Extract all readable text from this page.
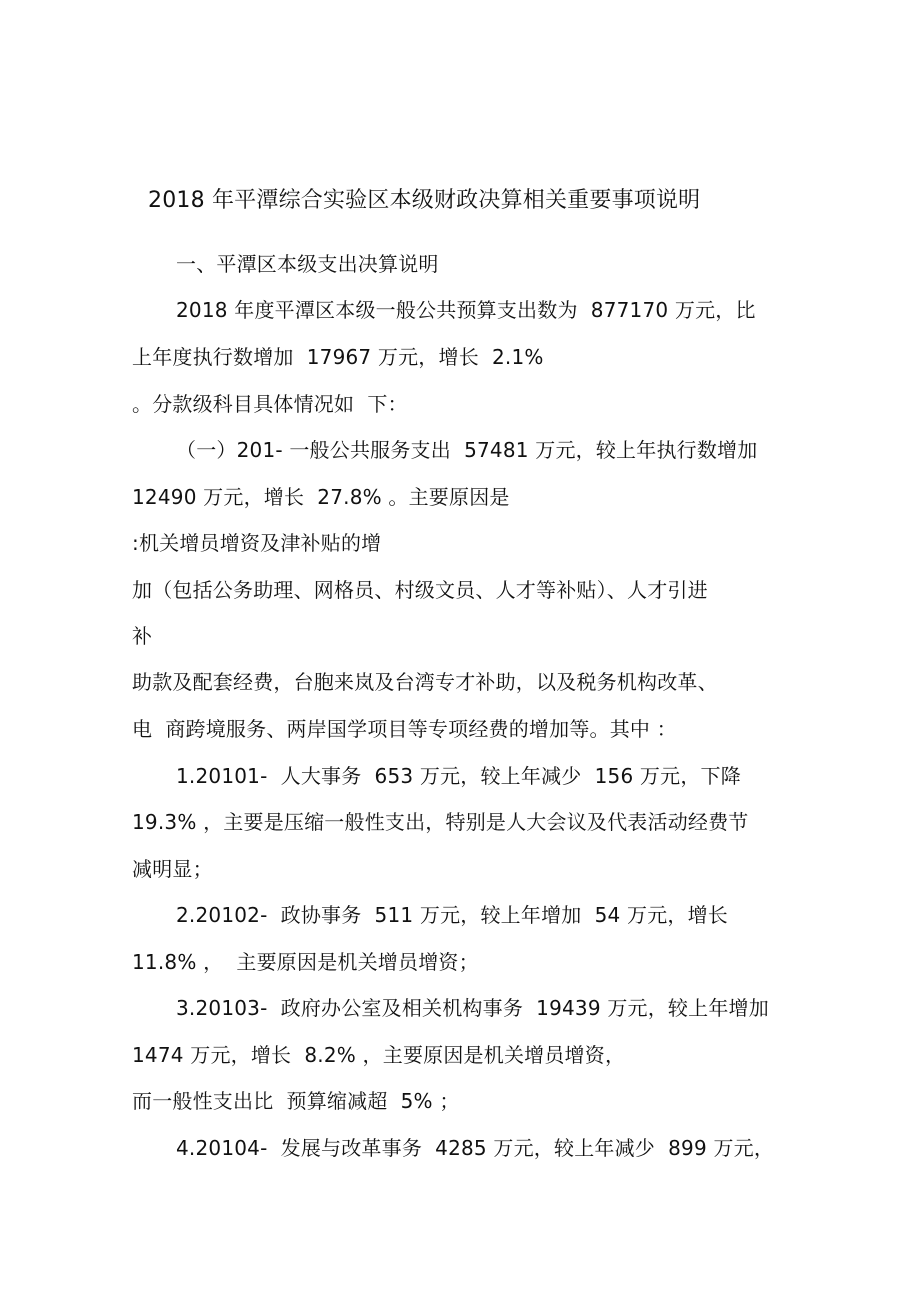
2018 年平潭综合实验区本级财政决算相关重要事项说明
一、平潭区本级支出决算说明
2018 年度平潭区本级一般公共预算支出数为  877170 万元，比
上年度执行数增加  17967 万元，增长  2.1%
。分款级科目具体情况如  下：
（一）201- 一般公共服务支出  57481 万元，较上年执行数增加
12490 万元，增长  27.8% 。主要原因是
:机关增员增资及津补贴的增
加（包括公务助理、网格员、村级文员、人才等补贴）、人才引进
补
助款及配套经费，台胞来岚及台湾专才补助，以及税务机构改革、
电  商跨境服务、两岸国学项目等专项经费的增加等。其中 ：
1.20101-  人大事务  653 万元，较上年减少  156 万元，下降
19.3% ，主要是压缩一般性支出，特别是人大会议及代表活动经费节
减明显；
2.20102-  政协事务  511 万元，较上年增加  54 万元，增长
11.8% ，  主要原因是机关增员增资；
3.20103-  政府办公室及相关机构事务  19439 万元，较上年增加
1474 万元，增长  8.2% ，主要原因是机关增员增资，
而一般性支出比  预算缩减超  5% ；
4.20104-  发展与改革事务  4285 万元，较上年减少  899 万元，
